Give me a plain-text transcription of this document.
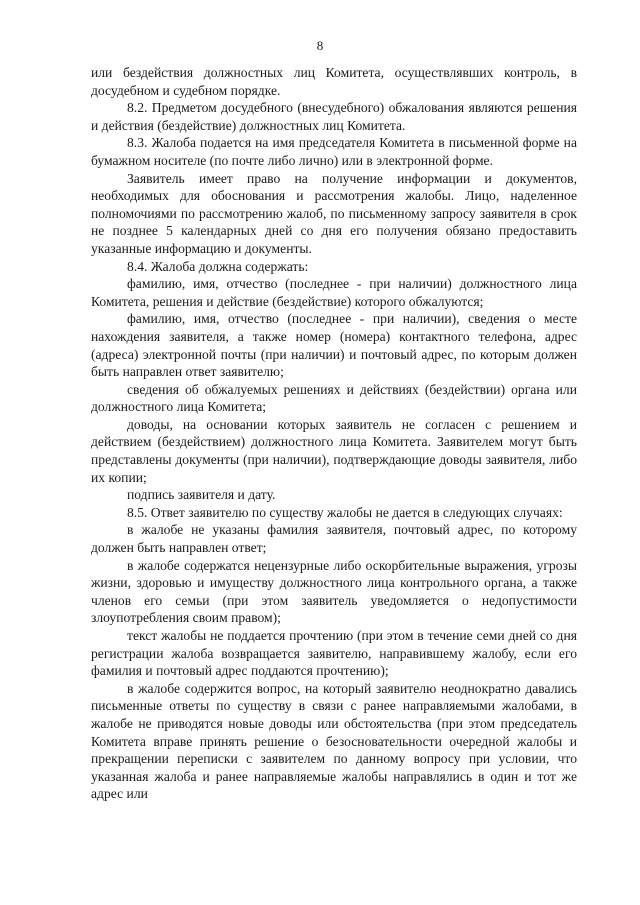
8

или бездействия должностных лиц Комитета, осуществлявших контроль, в досудебном и судебном порядке.

8.2. Предметом досудебного (внесудебного) обжалования являются решения и действия (бездействие) должностных лиц Комитета.

8.3. Жалоба подается на имя председателя Комитета в письменной форме на бумажном носителе (по почте либо лично) или в электронной форме.

Заявитель имеет право на получение информации и документов, необходимых для обоснования и рассмотрения жалобы. Лицо, наделенное полномочиями по рассмотрению жалоб, по письменному запросу заявителя в срок не позднее 5 календарных дней со дня его получения обязано предоставить указанные информацию и документы.

8.4. Жалоба должна содержать:

фамилию, имя, отчество (последнее - при наличии) должностного лица Комитета, решения и действие (бездействие) которого обжалуются;

фамилию, имя, отчество (последнее - при наличии), сведения о месте нахождения заявителя, а также номер (номера) контактного телефона, адрес (адреса) электронной почты (при наличии) и почтовый адрес, по которым должен быть направлен ответ заявителю;

сведения об обжалуемых решениях и действиях (бездействии) органа или должностного лица Комитета;

доводы, на основании которых заявитель не согласен с решением и действием (бездействием) должностного лица Комитета. Заявителем могут быть представлены документы (при наличии), подтверждающие доводы заявителя, либо их копии;

подпись заявителя и дату.

8.5. Ответ заявителю по существу жалобы не дается в следующих случаях:

в жалобе не указаны фамилия заявителя, почтовый адрес, по которому должен быть направлен ответ;

в жалобе содержатся нецензурные либо оскорбительные выражения, угрозы жизни, здоровью и имуществу должностного лица контрольного органа, а также членов его семьи (при этом заявитель уведомляется о недопустимости злоупотребления своим правом);

текст жалобы не поддается прочтению (при этом в течение семи дней со дня регистрации жалоба возвращается заявителю, направившему жалобу, если его фамилия и почтовый адрес поддаются прочтению);

в жалобе содержится вопрос, на который заявителю неоднократно давались письменные ответы по существу в связи с ранее направляемыми жалобами, в жалобе не приводятся новые доводы или обстоятельства (при этом председатель Комитета вправе принять решение о безосновательности очередной жалобы и прекращении переписки с заявителем по данному вопросу при условии, что указанная жалоба и ранее направляемые жалобы направлялись в один и тот же адрес или
